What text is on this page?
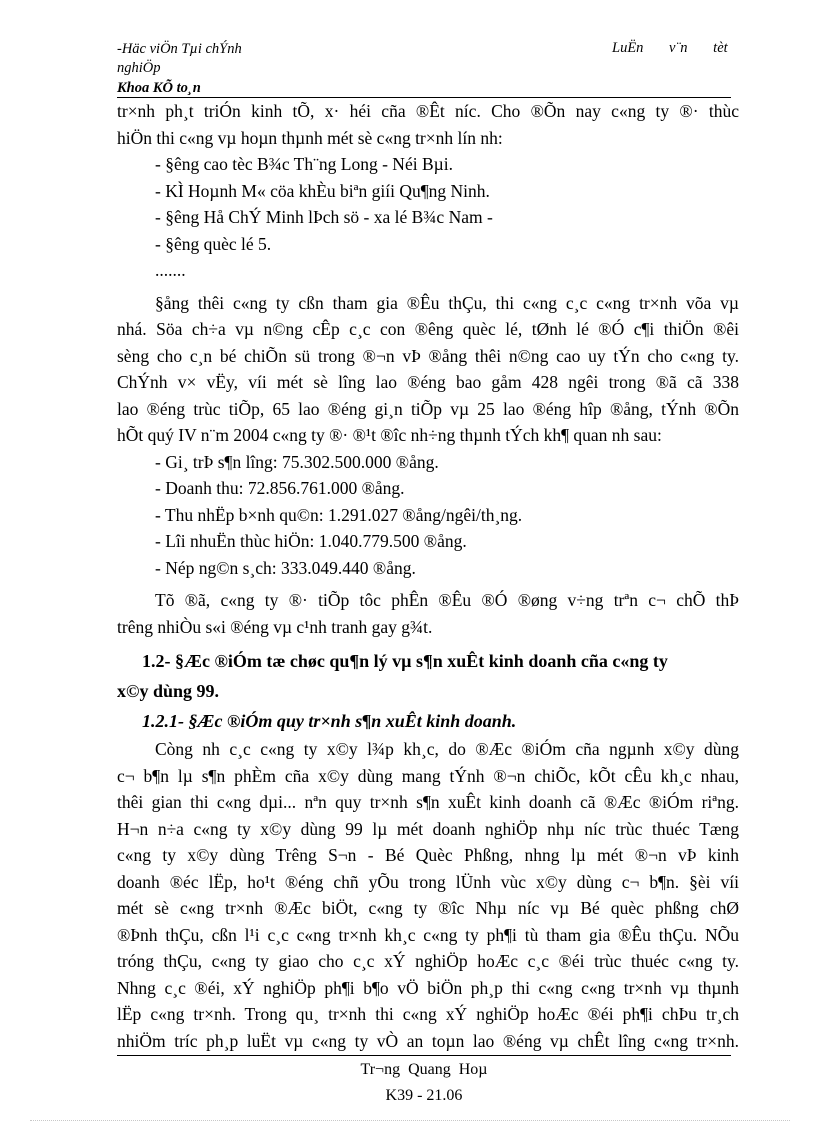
-Häc viÖn Tµi chÝnh
nghiÖp
LuËn v¨n tèt
Khoa KÕ to¸n

tr×nh ph¸t triÓn kinh tÕ, x· héi cña ®Êt níc. Cho ®Õn nay c«ng ty ®· thùc

hiÖn thi c«ng vµ hoµn thµnh mét sè c«ng tr×nh lín nh:

- §êng cao tèc B¾c Th¨ng Long - Néi Bµi.

- KÌ Hoµnh M« cöa khÈu biªn giíi Qu¶ng Ninh.

- §êng Hå ChÝ Minh lÞch sö - xa lé B¾c Nam -

- §êng quèc lé 5.

.......

§ång thêi c«ng ty cßn tham gia ®Êu thÇu, thi c«ng c¸c c«ng tr×nh võa vµ

nhá. Söa ch÷a vµ n©ng cÊp c¸c con ®êng quèc lé, tØnh lé ®Ó c¶i thiÖn ®êi

sèng cho c¸n bé chiÕn sü trong ®¬n vÞ ®ång thêi n©ng cao uy tÝn cho c«ng ty.

ChÝnh v× vËy, víi mét sè lîng lao ®éng bao gåm 428 ngêi trong ®ã cã 338

lao ®éng trùc tiÕp, 65 lao ®éng gi¸n tiÕp vµ 25 lao ®éng hîp ®ång, tÝnh ®Õn

hÕt quý IV n¨m 2004 c«ng ty ®· ®¹t ®îc nh÷ng thµnh tÝch kh¶ quan nh sau:

- Gi¸ trÞ s¶n lîng: 75.302.500.000 ®ång.

- Doanh thu: 72.856.761.000 ®ång.

- Thu nhËp b×nh qu©n: 1.291.027 ®ång/ngêi/th¸ng.

- Lîi nhuËn thùc hiÖn: 1.040.779.500 ®ång.

- Nép ng©n s¸ch: 333.049.440 ®ång.

Tõ ®ã, c«ng ty ®· tiÕp tôc phÊn ®Êu ®Ó ®øng v÷ng trªn c¬ chÕ thÞ

trêng nhiÒu s«i ®éng vµ c¹nh tranh gay g¾t.

1.2- §Æc ®iÓm tæ chøc qu¶n lý vµ s¶n xuÊt kinh doanh cña c«ng ty

x©y dùng 99.

1.2.1- §Æc ®iÓm quy tr×nh s¶n xuÊt kinh doanh.

Còng nh c¸c c«ng ty x©y l¾p kh¸c, do ®Æc ®iÓm cña ngµnh x©y dùng

c¬ b¶n lµ s¶n phÈm cña x©y dùng mang tÝnh ®¬n chiÕc, kÕt cÊu kh¸c nhau,

thêi gian thi c«ng dµi... nªn quy tr×nh s¶n xuÊt kinh doanh cã ®Æc ®iÓm riªng.

H¬n n÷a c«ng ty x©y dùng 99 lµ mét doanh nghiÖp nhµ níc trùc thuéc Tæng

c«ng ty x©y dùng Trêng S¬n - Bé Quèc Phßng, nhng lµ mét ®¬n vÞ kinh

doanh ®éc lËp, ho¹t ®éng chñ yÕu trong lÜnh vùc x©y dùng c¬ b¶n. §èi víi

mét sè c«ng tr×nh ®Æc biÖt, c«ng ty ®îc Nhµ níc vµ Bé quèc phßng chØ

®Þnh thÇu, cßn l¹i c¸c c«ng tr×nh kh¸c c«ng ty ph¶i tù tham gia ®Êu thÇu. NÕu

tróng thÇu, c«ng ty giao cho c¸c xÝ nghiÖp hoÆc c¸c ®éi trùc thuéc c«ng ty.

Nhng c¸c ®éi, xÝ nghiÖp ph¶i b¶o vÖ biÖn ph¸p thi c«ng c«ng tr×nh vµ thµnh

lËp c«ng tr×nh. Trong qu¸ tr×nh thi c«ng xÝ nghiÖp hoÆc ®éi ph¶i chÞu tr¸ch

nhiÖm tríc ph¸p luËt vµ c«ng ty vÒ an toµn lao ®éng vµ chÊt lîng c«ng tr×nh.

Tr¬ng Quang Hoµ
K39 - 21.06
